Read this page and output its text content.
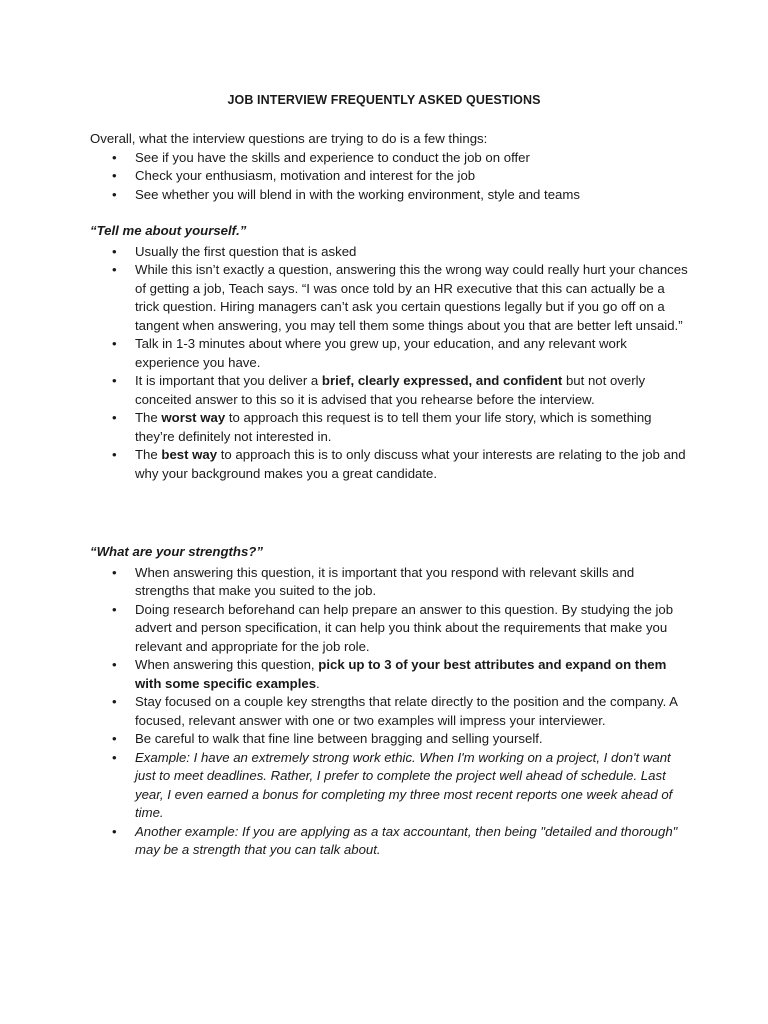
JOB INTERVIEW FREQUENTLY ASKED QUESTIONS
Overall, what the interview questions are trying to do is a few things:
• See if you have the skills and experience to conduct the job on offer
• Check your enthusiasm, motivation and interest for the job
• See whether you will blend in with the working environment, style and teams
“Tell me about yourself.”
• Usually the first question that is asked
• While this isn’t exactly a question, answering this the wrong way could really hurt your chances of getting a job, Teach says. “I was once told by an HR executive that this can actually be a trick question. Hiring managers can’t ask you certain questions legally but if you go off on a tangent when answering, you may tell them some things about you that are better left unsaid.”
• Talk in 1-3 minutes about where you grew up, your education, and any relevant work experience you have.
• It is important that you deliver a brief, clearly expressed, and confident but not overly conceited answer to this so it is advised that you rehearse before the interview.
• The worst way to approach this request is to tell them your life story, which is something they’re definitely not interested in.
• The best way to approach this is to only discuss what your interests are relating to the job and why your background makes you a great candidate.
“What are your strengths?”
• When answering this question, it is important that you respond with relevant skills and strengths that make you suited to the job.
• Doing research beforehand can help prepare an answer to this question. By studying the job advert and person specification, it can help you think about the requirements that make you relevant and appropriate for the job role.
• When answering this question, pick up to 3 of your best attributes and expand on them with some specific examples.
• Stay focused on a couple key strengths that relate directly to the position and the company. A focused, relevant answer with one or two examples will impress your interviewer.
• Be careful to walk that fine line between bragging and selling yourself.
• Example: I have an extremely strong work ethic. When I'm working on a project, I don't want just to meet deadlines. Rather, I prefer to complete the project well ahead of schedule. Last year, I even earned a bonus for completing my three most recent reports one week ahead of time.
• Another example: If you are applying as a tax accountant, then being "detailed and thorough" may be a strength that you can talk about.
